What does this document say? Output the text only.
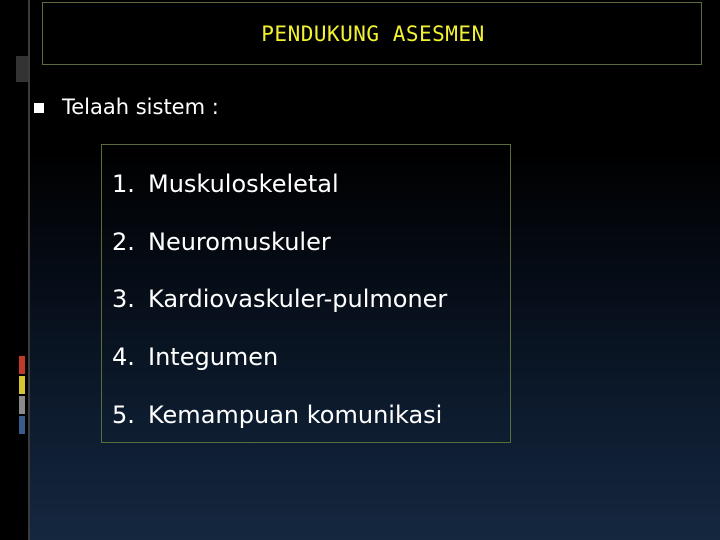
PENDUKUNG ASESMEN
Telaah sistem :
1. Muskuloskeletal
2. Neuromuskuler
3. Kardiovaskuler-pulmoner
4. Integumen
5. Kemampuan komunikasi
